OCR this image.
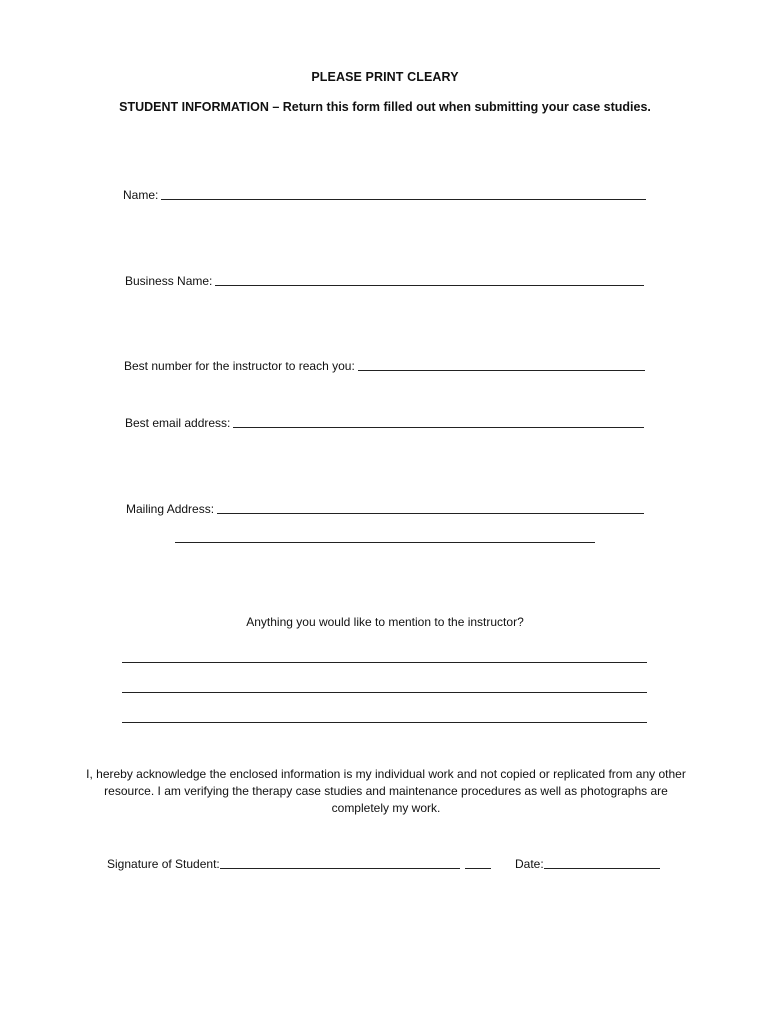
PLEASE PRINT CLEARY
STUDENT INFORMATION – Return this form filled out when submitting your case studies.
Name:
Business Name:
Best number for the instructor to reach you:
Best email address:
Mailing Address:
Anything you would like to mention to the instructor?
I, hereby acknowledge the enclosed information is my individual work and not copied or replicated from any other resource. I am verifying the therapy case studies and maintenance procedures as well as photographs are completely my work.
Signature of Student:	Date:
